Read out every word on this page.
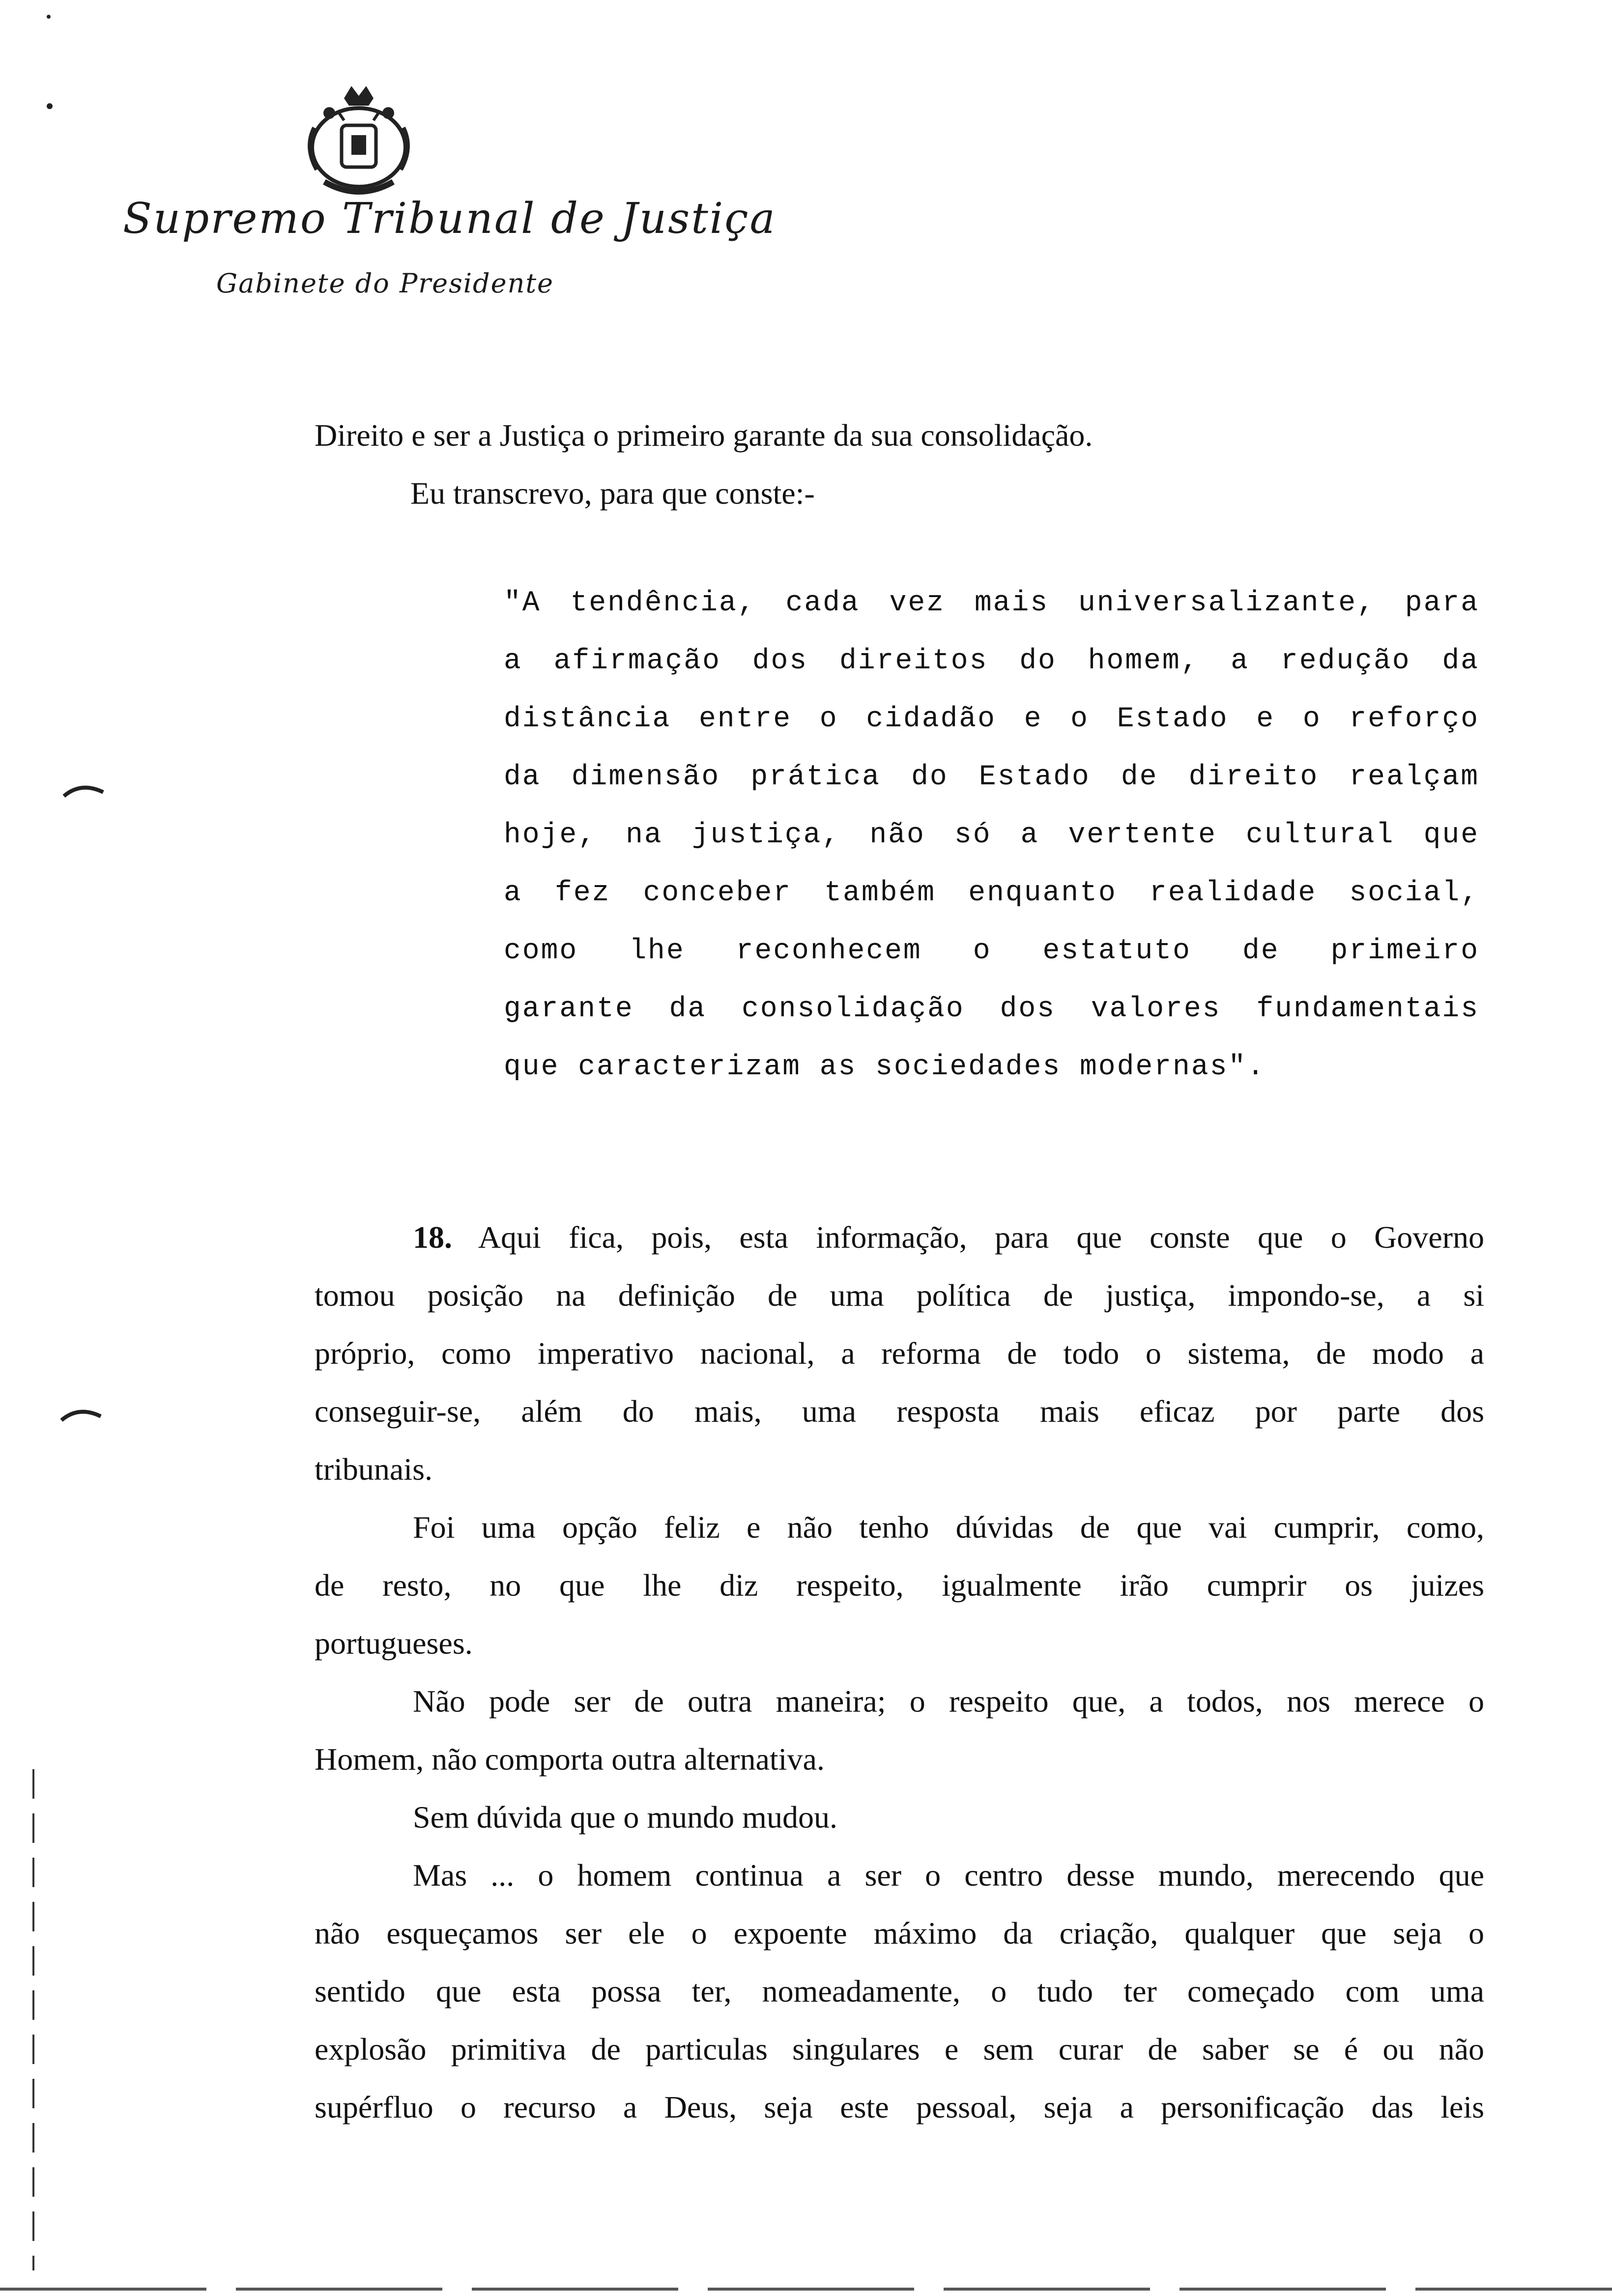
Supremo Tribunal de Justiça
Gabinete do Presidente
Direito e ser a Justiça o primeiro garante da sua consolidação.
Eu transcrevo, para que conste:-
"A tendência, cada vez mais universalizante, para
a afirmação dos direitos do homem, a redução da
distância entre o cidadão e o Estado e o reforço
da dimensão prática do Estado de direito realçam
hoje, na justiça, não só a vertente cultural que
a fez conceber também enquanto realidade social,
como lhe reconhecem o estatuto de primeiro
garante da consolidação dos valores fundamentais
que caracterizam as sociedades modernas".
18. Aqui fica, pois, esta informação, para que conste que o Governo
tomou posição na definição de uma política de justiça, impondo-se, a si
próprio, como imperativo nacional, a reforma de todo o sistema, de modo a
conseguir-se, além do mais, uma resposta mais eficaz por parte dos
tribunais.
Foi uma opção feliz e não tenho dúvidas de que vai cumprir, como,
de resto, no que lhe diz respeito, igualmente irão cumprir os juizes
portugueses.
Não pode ser de outra maneira; o respeito que, a todos, nos merece o
Homem, não comporta outra alternativa.
Sem dúvida que o mundo mudou.
Mas ... o homem continua a ser o centro desse mundo, merecendo que
não esqueçamos ser ele o expoente máximo da criação, qualquer que seja o
sentido que esta possa ter, nomeadamente, o tudo ter começado com uma
explosão primitiva de particulas singulares e sem curar de saber se é ou não
supérfluo o recurso a Deus, seja este pessoal, seja a personificação das leis
